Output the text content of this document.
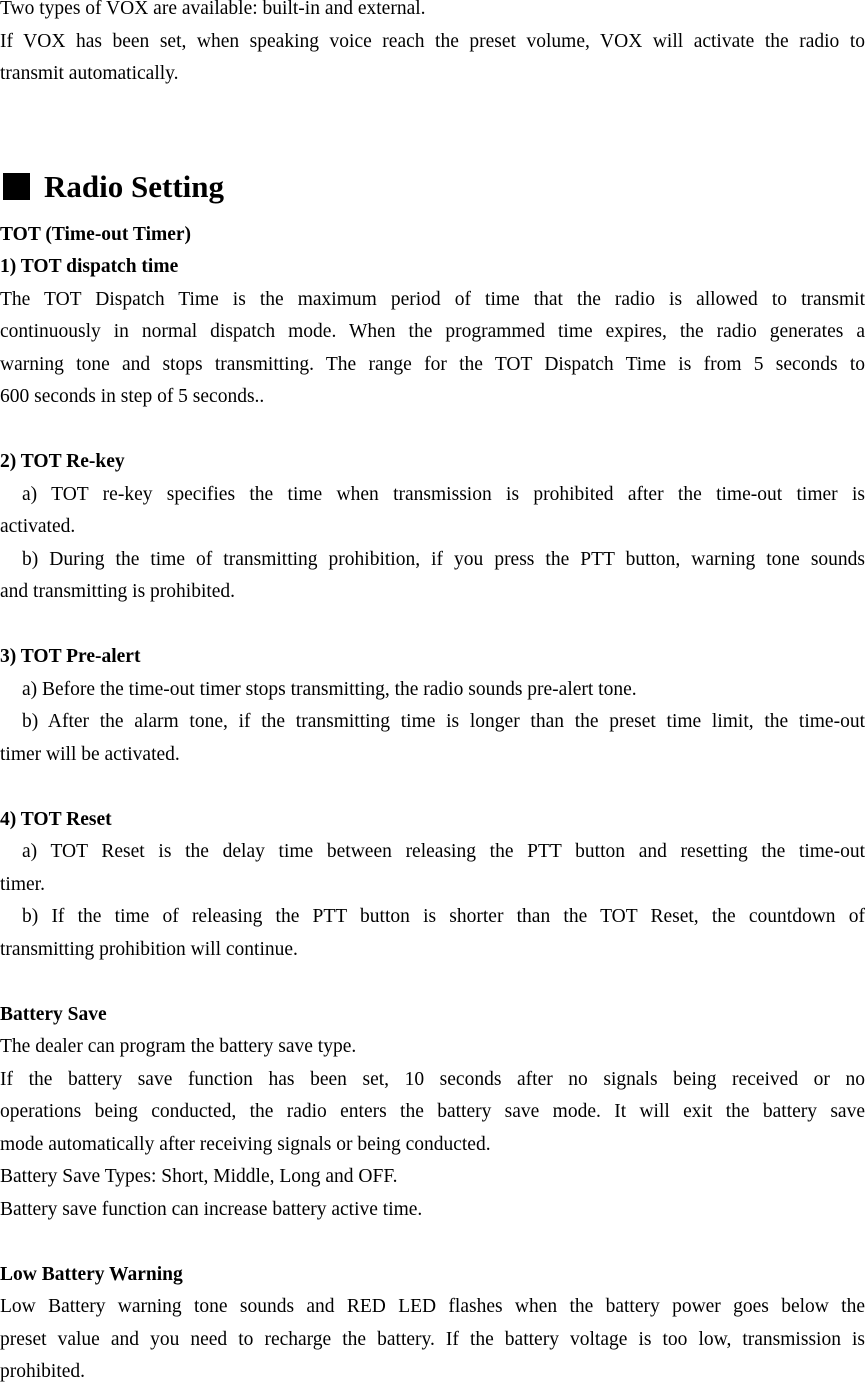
Two types of VOX are available: built-in and external.

If VOX has been set, when speaking voice reach the preset volume, VOX will activate the radio to

transmit automatically.

Radio Setting

TOT (Time-out Timer)

1) TOT dispatch time

The TOT Dispatch Time is the maximum period of time that the radio is allowed to transmit

continuously in normal dispatch mode. When the programmed time expires, the radio generates a

warning tone and stops transmitting. The range for the TOT Dispatch Time is from 5 seconds to

600 seconds in step of 5 seconds..

2) TOT Re-key

a) TOT re-key specifies the time when transmission is prohibited after the time-out timer is

activated.

b) During the time of transmitting prohibition, if you press the PTT button, warning tone sounds

and transmitting is prohibited.

3) TOT Pre-alert

a) Before the time-out timer stops transmitting, the radio sounds pre-alert tone.

b) After the alarm tone, if the transmitting time is longer than the preset time limit, the time-out

timer will be activated.

4) TOT Reset

a) TOT Reset is the delay time between releasing the PTT button and resetting the time-out

timer.

b) If the time of releasing the PTT button is shorter than the TOT Reset, the countdown of

transmitting prohibition will continue.

Battery Save

The dealer can program the battery save type.

If the battery save function has been set, 10 seconds after no signals being received or no

operations being conducted, the radio enters the battery save mode. It will exit the battery save

mode automatically after receiving signals or being conducted.

Battery Save Types: Short, Middle, Long and OFF.

Battery save function can increase battery active time.

Low Battery Warning

Low Battery warning tone sounds and RED LED flashes when the battery power goes below the

preset value and you need to recharge the battery. If the battery voltage is too low, transmission is

prohibited.
